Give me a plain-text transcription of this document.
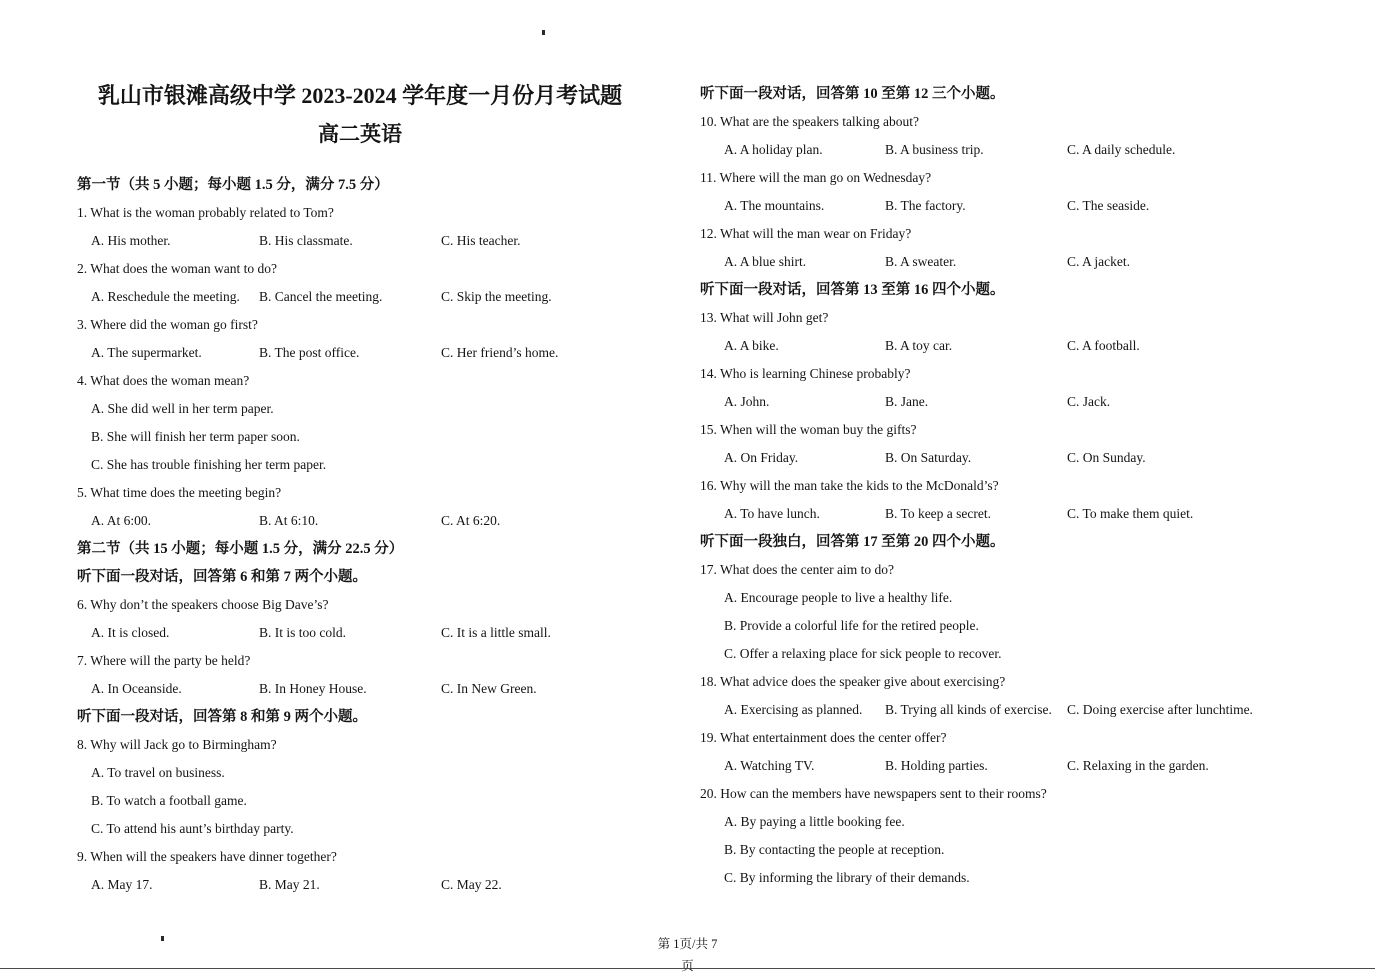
乳山市银滩高级中学 2023-2024 学年度一月份月考试题
高二英语
第一节（共 5 小题；每小题 1.5 分，满分 7.5 分）
1. What is the woman probably related to Tom?
A. His mother.	B. His classmate.	C. His teacher.
2. What does the woman want to do?
A. Reschedule the meeting.	B. Cancel the meeting.	C. Skip the meeting.
3. Where did the woman go first?
A. The supermarket.	B. The post office.	C. Her friend’s home.
4. What does the woman mean?
A. She did well in her term paper.
B. She will finish her term paper soon.
C. She has trouble finishing her term paper.
5. What time does the meeting begin?
A. At 6:00.	B. At 6:10.	C. At 6:20.
第二节（共 15 小题；每小题 1.5 分，满分 22.5 分）
听下面一段对话，回答第 6 和第 7 两个小题。
6. Why don’t the speakers choose Big Dave’s?
A. It is closed.	B. It is too cold.	C. It is a little small.
7. Where will the party be held?
A. In Oceanside.	B. In Honey House.	C. In New Green.
听下面一段对话，回答第 8 和第 9 两个小题。
8. Why will Jack go to Birmingham?
A. To travel on business.
B. To watch a football game.
C. To attend his aunt’s birthday party.
9. When will the speakers have dinner together?
A. May 17.	B. May 21.	C. May 22.
听下面一段对话，回答第 10 至第 12 三个小题。
10. What are the speakers talking about?
A. A holiday plan.	B. A business trip.	C. A daily schedule.
11. Where will the man go on Wednesday?
A. The mountains.	B. The factory.	C. The seaside.
12. What will the man wear on Friday?
A. A blue shirt.	B. A sweater.	C. A jacket.
听下面一段对话，回答第 13 至第 16 四个小题。
13. What will John get?
A. A bike.	B. A toy car.	C. A football.
14. Who is learning Chinese probably?
A. John.	B. Jane.	C. Jack.
15. When will the woman buy the gifts?
A. On Friday.	B. On Saturday.	C. On Sunday.
16. Why will the man take the kids to the McDonald’s?
A. To have lunch.	B. To keep a secret.	C. To make them quiet.
听下面一段独白，回答第 17 至第 20 四个小题。
17. What does the center aim to do?
A. Encourage people to live a healthy life.
B. Provide a colorful life for the retired people.
C. Offer a relaxing place for sick people to recover.
18. What advice does the speaker give about exercising?
A. Exercising as planned.	B. Trying all kinds of exercise.	C. Doing exercise after lunchtime.
19. What entertainment does the center offer?
A. Watching TV.	B. Holding parties.	C. Relaxing in the garden.
20. How can the members have newspapers sent to their rooms?
A. By paying a little booking fee.
B. By contacting the people at reception.
C. By informing the library of their demands.
第 1页/共 7
页
